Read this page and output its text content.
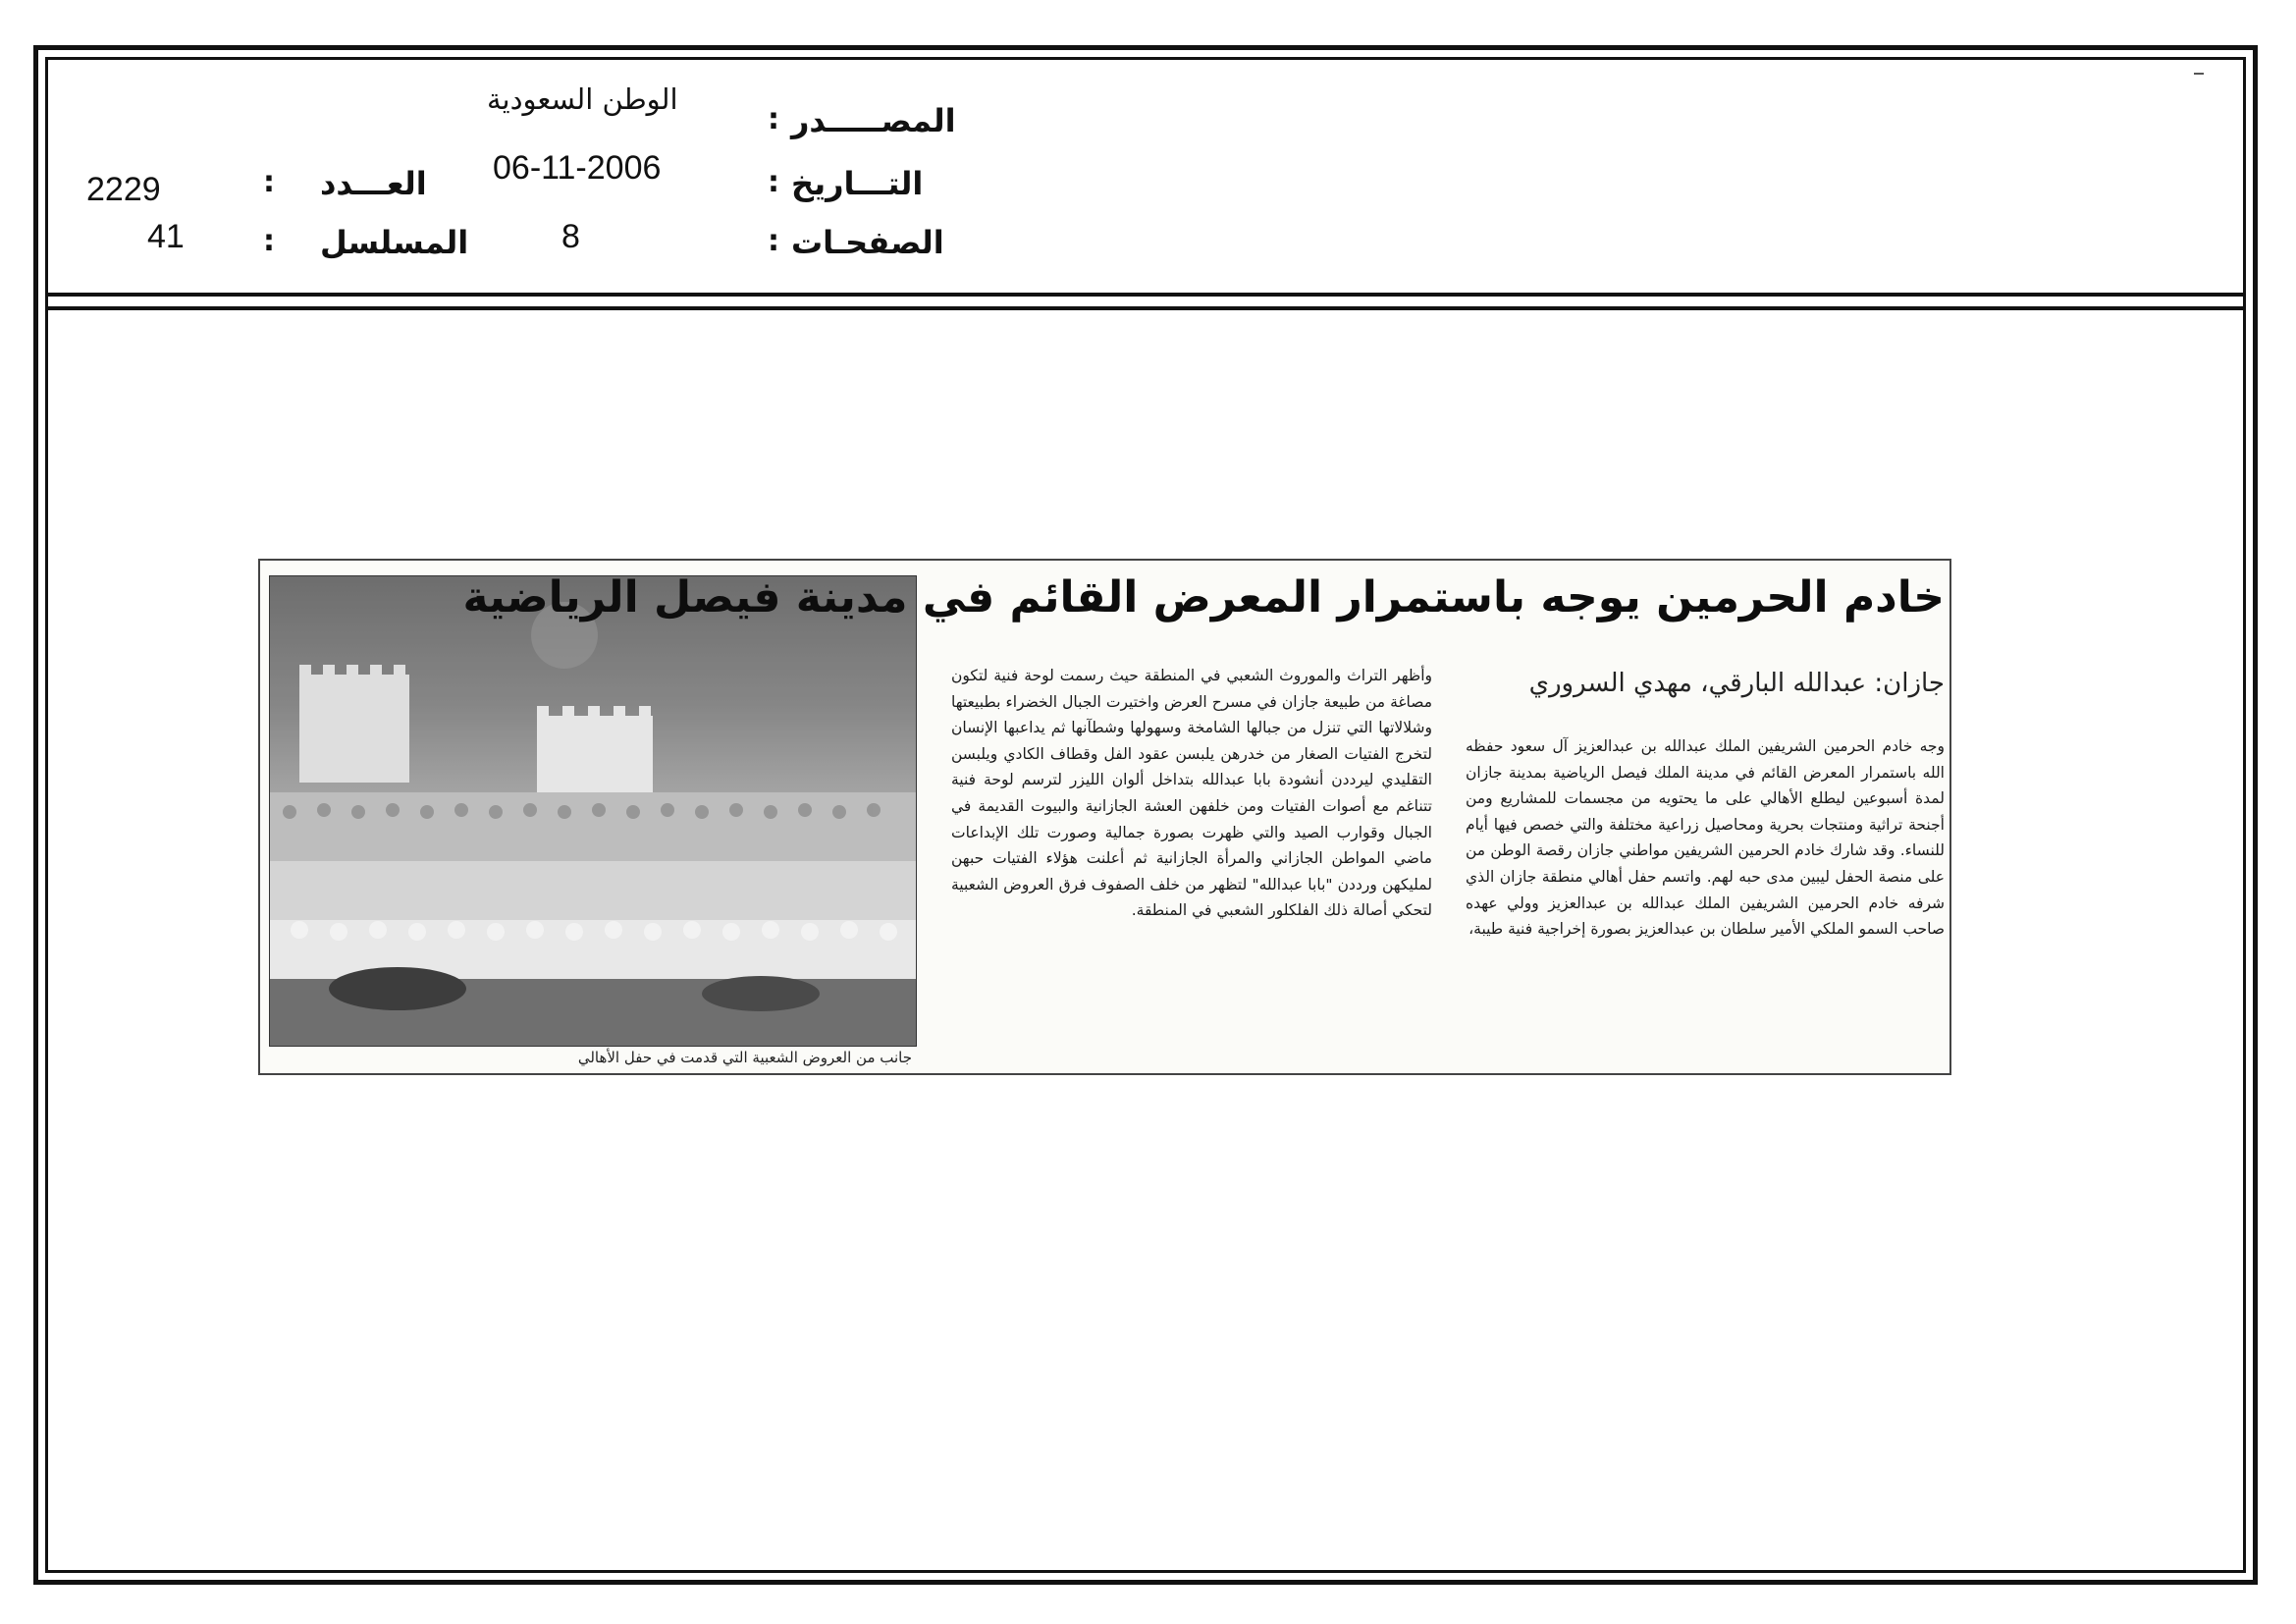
المصـــــدر
:
الوطن السعودية
التـــاريخ
:
06-11-2006
الصفحـات
:
8
العـــدد
:
2229
المسلسل
:
41
جانب من العروض الشعبية التي قدمت في حفل الأهالي
خادم الحرمين يوجه باستمرار المعرض القائم في مدينة فيصل الرياضية
جازان: عبدالله البارقي، مهدي السروري
وجه خادم الحرمين الشريفين الملك عبدالله بن عبدالعزيز آل سعود حفظه الله باستمرار المعرض القائم في مدينة الملك فيصل الرياضية بمدينة جازان لمدة أسبوعين ليطلع الأهالي على ما يحتويه من مجسمات للمشاريع ومن أجنحة تراثية ومنتجات بحرية ومحاصيل زراعية مختلفة والتي خصص فيها أيام للنساء. وقد شارك خادم الحرمين الشريفين مواطني جازان رقصة الوطن من على منصة الحفل ليبين مدى حبه لهم. واتسم حفل أهالي منطقة جازان الذي شرفه خادم الحرمين الشريفين الملك عبدالله بن عبدالعزيز وولي عهده صاحب السمو الملكي الأمير سلطان بن عبدالعزيز بصورة إخراجية فنية طيبة،
وأظهر التراث والموروث الشعبي في المنطقة حيث رسمت لوحة فنية لتكون مصاغة من طبيعة جازان في مسرح العرض واختيرت الجبال الخضراء بطبيعتها وشلالاتها التي تنزل من جبالها الشامخة وسهولها وشطآنها ثم يداعبها الإنسان لتخرج الفتيات الصغار من خدرهن يلبسن عقود الفل وقطاف الكادي ويلبسن التقليدي ليرددن أنشودة بابا عبدالله بتداخل ألوان الليزر لترسم لوحة فنية تتناغم مع أصوات الفتيات ومن خلفهن العشة الجازانية والبيوت القديمة في الجبال وقوارب الصيد والتي ظهرت بصورة جمالية وصورت تلك الإبداعات ماضي المواطن الجازاني والمرأة الجازانية ثم أعلنت هؤلاء الفتيات حبهن لمليكهن ورددن "بابا عبدالله" لتظهر من خلف الصفوف فرق العروض الشعبية لتحكي أصالة ذلك الفلكلور الشعبي في المنطقة.
